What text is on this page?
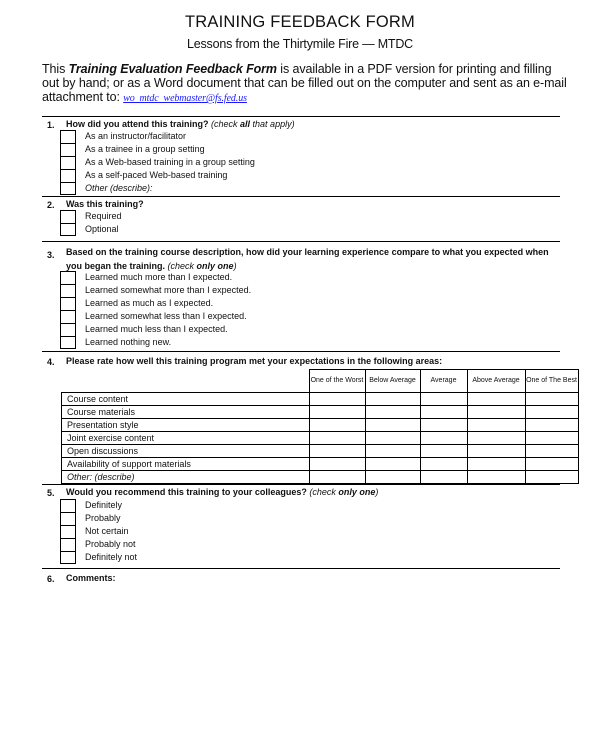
TRAINING FEEDBACK FORM
Lessons from the Thirtymile Fire — MTDC
This Training Evaluation Feedback Form is available in a PDF version for printing and filling out by hand; or as a Word document that can be filled out on the computer and sent as an e-mail attachment to: wo_mtdc_webmaster@fs.fed.us
1. How did you attend this training? (check all that apply)
As an instructor/facilitator
As a trainee in a group setting
As a Web-based training in a group setting
As a self-paced Web-based training
Other (describe):
2. Was this training?
Required
Optional
3. Based on the training course description, how did your learning experience compare to what you expected when you began the training. (check only one)
Learned much more than I expected.
Learned somewhat more than I expected.
Learned as much as I expected.
Learned somewhat less than I expected.
Learned much less than I expected.
Learned nothing new.
4. Please rate how well this training program met your expectations in the following areas:
	One of the Worst	Below Average	Average	Above Average	One of The Best
Course content					
Course materials					
Presentation style					
Joint exercise content					
Open discussions					
Availability of support materials					
Other: (describe)					
5. Would you recommend this training to your colleagues? (check only one)
Definitely
Probably
Not certain
Probably not
Definitely not
6. Comments:
